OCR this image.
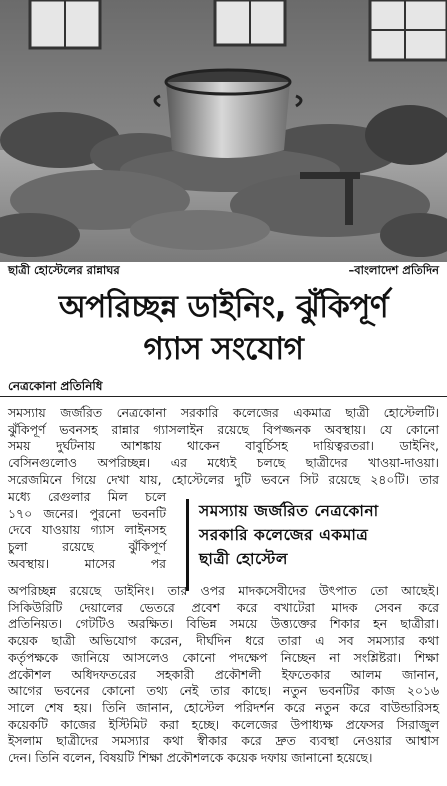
ছাত্রী হোস্টেলের রান্নাঘর	–বাংলাদেশ প্রতিদিন
অপরিচ্ছন্ন ডাইনিং, ঝুঁকিপূর্ণ
গ্যাস সংযোগ
নেত্রকোনা প্রতিনিধি

সমস্যায় জর্জরিত নেত্রকোনা সরকারি কলেজের একমাত্র ছাত্রী হোস্টেলটি।

ঝুঁকিপূর্ণ ভবনসহ রান্নার গ্যাসলাইন রয়েছে বিপজ্জনক অবস্থায়। যে কোনো

সময় দুর্ঘটনায় আশঙ্কায় থাকেন বাবুর্চিসহ দায়িত্বরতরা। ডাইনিং,

বেসিনগুলোও অপরিচ্ছন্ন। এর মধ্যেই চলছে ছাত্রীদের খাওয়া-দাওয়া।

সরেজমিনে গিয়ে দেখা যায়, হোস্টেলের দুটি ভবনে সিট রয়েছে ২৪০টি। তার

মধ্যে রেগুলার মিল চলে

১৭০ জনের। পুরনো ভবনটি

দেবে যাওয়ায় গ্যাস লাইনসহ

চুলা রয়েছে ঝুঁকিপূর্ণ

অবস্থায়। মাসের পর

সমস্যায় জর্জরিত নেত্রকোনা
সরকারি কলেজের একমাত্র
ছাত্রী হোস্টেল

অপরিচ্ছন্ন রয়েছে ডাইনিং। তার ওপর মাদকসেবীদের উৎপাত তো আছেই।

সিকিউরিটি দেয়ালের ভেতরে প্রবেশ করে বখাটেরা মাদক সেবন করে

প্রতিনিয়ত। গেটটিও অরক্ষিত। বিভিন্ন সময়ে উত্ত্যক্তের শিকার হন ছাত্রীরা।

কয়েক ছাত্রী অভিযোগ করেন, দীর্ঘদিন ধরে তারা এ সব সমস্যার কথা

কর্তৃপক্ষকে জানিয়ে আসলেও কোনো পদক্ষেপ নিচ্ছেন না সংশ্লিষ্টরা। শিক্ষা

প্রকৌশল অধিদফতরের সহকারী প্রকৌশলী ইফতেকার আলম জানান,

আগের ভবনের কোনো তথ্য নেই তার কাছে। নতুন ভবনটির কাজ ২০১৬

সালে শেষ হয়। তিনি জানান, হোস্টেল পরিদর্শন করে নতুন করে বাউন্ডারিসহ

কয়েকটি কাজের ইস্টিমিট করা হচ্ছে। কলেজের উপাধ্যক্ষ প্রফেসর সিরাজুল

ইসলাম ছাত্রীদের সমস্যার কথা স্বীকার করে দ্রুত ব্যবস্থা নেওয়ার আশ্বাস

দেন। তিনি বলেন, বিষয়টি শিক্ষা প্রকৌশলকে কয়েক দফায় জানানো হয়েছে।
